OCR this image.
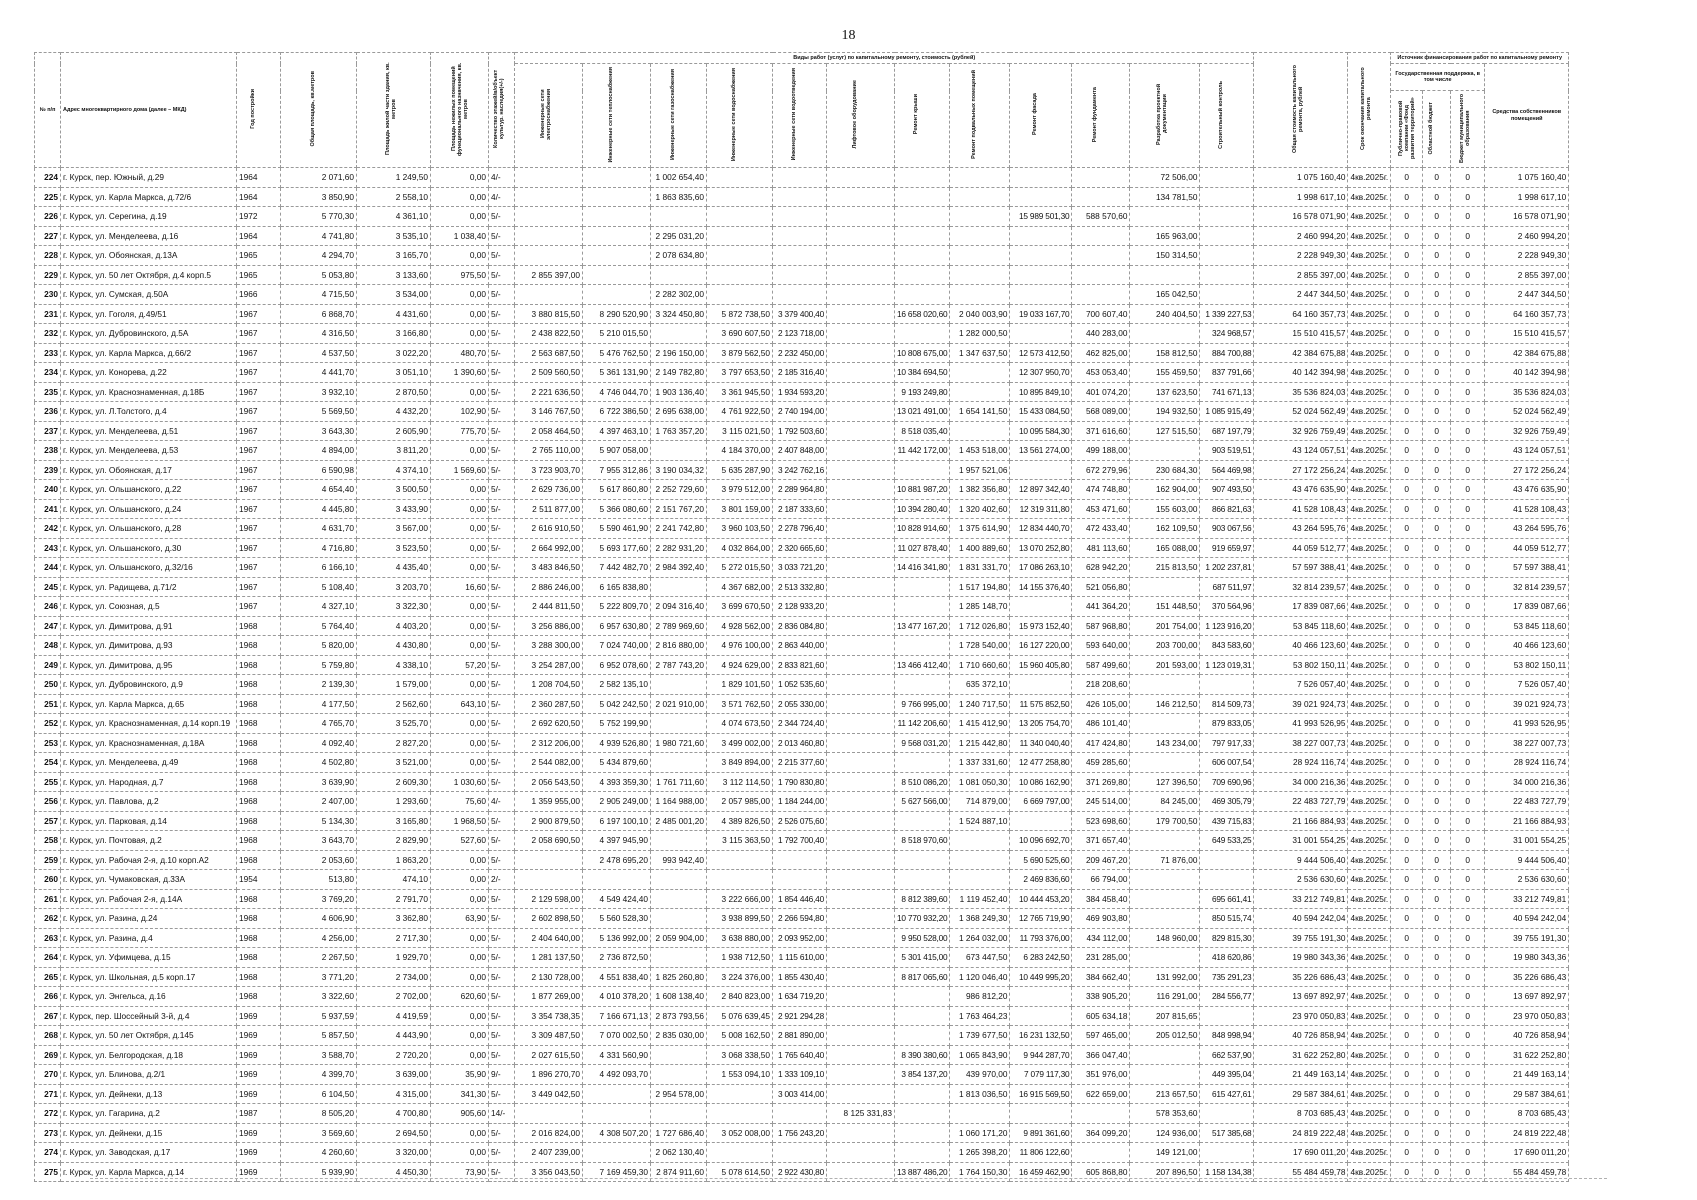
18
№ п/п	Адрес многоквартирного дома (далее – МКД)	Год постройки	Общая площадь, кв.метров	Площадь жилой части здания, кв. метров	Площадь нежилых помещений функционального назначения, кв. метров	Количество этажей/в/объект культур. наследия(+/-)	Виды работ (услуг) по капитальному ремонту, стоимость (рублей)												Общая стоимость капитального ремонта, рублей	Срок окончания капитального ремонта	Источник финансирования работ по капитальному ремонту			
							Инженерные сети электроснабжения	Инженерные сети теплоснабжения	Инженерные сети газоснабжения	Инженерные сети водоснабжения	Инженерные сети водоотведения	Лифтовое оборудование	Ремонт крыши	Ремонт подвальных помещений	Ремонт фасада	Ремонт фундамента	Разработка проектной документации	Строительный контроль			Государственная поддержка, в том числе			Средства собственников помещений
																					Публично-правовой компании «Фонд развития территорий»	Областной бюджет	Бюджет муниципального образования	
224	г. Курск, пер. Южный, д.29	1964	2 071,60	1 249,50	0,00	4/-			1 002 654,40								72 506,00		1 075 160,40	4кв.2025г.	0	0	0	1 075 160,40
225	г. Курск, ул. Карла Маркса, д.72/6	1964	3 850,90	2 558,10	0,00	4/-			1 863 835,60								134 781,50		1 998 617,10	4кв.2025г.	0	0	0	1 998 617,10
226	г. Курск, ул. Серегина, д.19	1972	5 770,30	4 361,10	0,00	5/-									15 989 501,30	588 570,60			16 578 071,90	4кв.2025г.	0	0	0	16 578 071,90
227	г. Курск, ул. Менделеева, д.16	1964	4 741,80	3 535,10	1 038,40	5/-			2 295 031,20								165 963,00		2 460 994,20	4кв.2025г.	0	0	0	2 460 994,20
228	г. Курск, ул. Обоянская, д.13А	1965	4 294,70	3 165,70	0,00	5/-			2 078 634,80								150 314,50		2 228 949,30	4кв.2025г.	0	0	0	2 228 949,30
229	г. Курск, ул. 50 лет Октября, д.4 корп.5	1965	5 053,80	3 133,60	975,50	5/-	2 855 397,00												2 855 397,00	4кв.2025г.	0	0	0	2 855 397,00
230	г. Курск, ул. Сумская, д.50А	1966	4 715,50	3 534,00	0,00	5/-			2 282 302,00								165 042,50		2 447 344,50	4кв.2025г.	0	0	0	2 447 344,50
231	г. Курск, ул. Гоголя, д.49/51	1967	6 868,70	4 431,60	0,00	5/-	3 880 815,50	8 290 520,90	3 324 450,80	5 872 738,50	3 379 400,40		16 658 020,60	2 040 003,90	19 033 167,70	700 607,40	240 404,50	1 339 227,53	64 160 357,73	4кв.2025г.	0	0	0	64 160 357,73
232	г. Курск, ул. Дубровинского, д.5А	1967	4 316,50	3 166,80	0,00	5/-	2 438 822,50	5 210 015,50		3 690 607,50	2 123 718,00			1 282 000,50		440 283,00		324 968,57	15 510 415,57	4кв.2025г.	0	0	0	15 510 415,57
233	г. Курск, ул. Карла Маркса, д.66/2	1967	4 537,50	3 022,20	480,70	5/-	2 563 687,50	5 476 762,50	2 196 150,00	3 879 562,50	2 232 450,00		10 808 675,00	1 347 637,50	12 573 412,50	462 825,00	158 812,50	884 700,88	42 384 675,88	4кв.2025г.	0	0	0	42 384 675,88
234	г. Курск, ул. Конорева, д.22	1967	4 441,70	3 051,10	1 390,60	5/-	2 509 560,50	5 361 131,90	2 149 782,80	3 797 653,50	2 185 316,40		10 384 694,50		12 307 950,70	453 053,40	155 459,50	837 791,66	40 142 394,98	4кв.2025г.	0	0	0	40 142 394,98
235	г. Курск, ул. Краснознаменная, д.18Б	1967	3 932,10	2 870,50	0,00	5/-	2 221 636,50	4 746 044,70	1 903 136,40	3 361 945,50	1 934 593,20		9 193 249,80		10 895 849,10	401 074,20	137 623,50	741 671,13	35 536 824,03	4кв.2025г.	0	0	0	35 536 824,03
236	г. Курск, ул. Л.Толстого, д.4	1967	5 569,50	4 432,20	102,90	5/-	3 146 767,50	6 722 386,50	2 695 638,00	4 761 922,50	2 740 194,00		13 021 491,00	1 654 141,50	15 433 084,50	568 089,00	194 932,50	1 085 915,49	52 024 562,49	4кв.2025г.	0	0	0	52 024 562,49
237	г. Курск, ул. Менделеева, д.51	1967	3 643,30	2 605,90	775,70	5/-	2 058 464,50	4 397 463,10	1 763 357,20	3 115 021,50	1 792 503,60		8 518 035,40		10 095 584,30	371 616,60	127 515,50	687 197,79	32 926 759,49	4кв.2025г.	0	0	0	32 926 759,49
238	г. Курск, ул. Менделеева, д.53	1967	4 894,00	3 811,20	0,00	5/-	2 765 110,00	5 907 058,00		4 184 370,00	2 407 848,00		11 442 172,00	1 453 518,00	13 561 274,00	499 188,00		903 519,51	43 124 057,51	4кв.2025г.	0	0	0	43 124 057,51
239	г. Курск, ул. Обоянская, д.17	1967	6 590,98	4 374,10	1 569,60	5/-	3 723 903,70	7 955 312,86	3 190 034,32	5 635 287,90	3 242 762,16			1 957 521,06		672 279,96	230 684,30	564 469,98	27 172 256,24	4кв.2025г.	0	0	0	27 172 256,24
240	г. Курск, ул. Ольшанского, д.22	1967	4 654,40	3 500,50	0,00	5/-	2 629 736,00	5 617 860,80	2 252 729,60	3 979 512,00	2 289 964,80		10 881 987,20	1 382 356,80	12 897 342,40	474 748,80	162 904,00	907 493,50	43 476 635,90	4кв.2025г.	0	0	0	43 476 635,90
241	г. Курск, ул. Ольшанского, д.24	1967	4 445,80	3 433,90	0,00	5/-	2 511 877,00	5 366 080,60	2 151 767,20	3 801 159,00	2 187 333,60		10 394 280,40	1 320 402,60	12 319 311,80	453 471,60	155 603,00	866 821,63	41 528 108,43	4кв.2025г.	0	0	0	41 528 108,43
242	г. Курск, ул. Ольшанского, д.28	1967	4 631,70	3 567,00	0,00	5/-	2 616 910,50	5 590 461,90	2 241 742,80	3 960 103,50	2 278 796,40		10 828 914,60	1 375 614,90	12 834 440,70	472 433,40	162 109,50	903 067,56	43 264 595,76	4кв.2025г.	0	0	0	43 264 595,76
243	г. Курск, ул. Ольшанского, д.30	1967	4 716,80	3 523,50	0,00	5/-	2 664 992,00	5 693 177,60	2 282 931,20	4 032 864,00	2 320 665,60		11 027 878,40	1 400 889,60	13 070 252,80	481 113,60	165 088,00	919 659,97	44 059 512,77	4кв.2025г.	0	0	0	44 059 512,77
244	г. Курск, ул. Ольшанского, д.32/16	1967	6 166,10	4 435,40	0,00	5/-	3 483 846,50	7 442 482,70	2 984 392,40	5 272 015,50	3 033 721,20		14 416 341,80	1 831 331,70	17 086 263,10	628 942,20	215 813,50	1 202 237,81	57 597 388,41	4кв.2025г.	0	0	0	57 597 388,41
245	г. Курск, ул. Радищева, д.71/2	1967	5 108,40	3 203,70	16,60	5/-	2 886 246,00	6 165 838,80		4 367 682,00	2 513 332,80			1 517 194,80	14 155 376,40	521 056,80		687 511,97	32 814 239,57	4кв.2025г.	0	0	0	32 814 239,57
246	г. Курск, ул. Союзная, д.5	1967	4 327,10	3 322,30	0,00	5/-	2 444 811,50	5 222 809,70	2 094 316,40	3 699 670,50	2 128 933,20			1 285 148,70		441 364,20	151 448,50	370 564,96	17 839 087,66	4кв.2025г.	0	0	0	17 839 087,66
247	г. Курск, ул. Димитрова, д.91	1968	5 764,40	4 403,20	0,00	5/-	3 256 886,00	6 957 630,80	2 789 969,60	4 928 562,00	2 836 084,80		13 477 167,20	1 712 026,80	15 973 152,40	587 968,80	201 754,00	1 123 916,20	53 845 118,60	4кв.2025г.	0	0	0	53 845 118,60
248	г. Курск, ул. Димитрова, д.93	1968	5 820,00	4 430,80	0,00	5/-	3 288 300,00	7 024 740,00	2 816 880,00	4 976 100,00	2 863 440,00			1 728 540,00	16 127 220,00	593 640,00	203 700,00	843 583,60	40 466 123,60	4кв.2025г.	0	0	0	40 466 123,60
249	г. Курск, ул. Димитрова, д.95	1968	5 759,80	4 338,10	57,20	5/-	3 254 287,00	6 952 078,60	2 787 743,20	4 924 629,00	2 833 821,60		13 466 412,40	1 710 660,60	15 960 405,80	587 499,60	201 593,00	1 123 019,31	53 802 150,11	4кв.2025г.	0	0	0	53 802 150,11
250	г. Курск, ул. Дубровинского, д.9	1968	2 139,30	1 579,00	0,00	5/-	1 208 704,50	2 582 135,10		1 829 101,50	1 052 535,60			635 372,10		218 208,60			7 526 057,40	4кв.2025г.	0	0	0	7 526 057,40
251	г. Курск, ул. Карла Маркса, д.65	1968	4 177,50	2 562,60	643,10	5/-	2 360 287,50	5 042 242,50	2 021 910,00	3 571 762,50	2 055 330,00		9 766 995,00	1 240 717,50	11 575 852,50	426 105,00	146 212,50	814 509,73	39 021 924,73	4кв.2025г.	0	0	0	39 021 924,73
252	г. Курск, ул. Краснознаменная, д.14 корп.19	1968	4 765,70	3 525,70	0,00	5/-	2 692 620,50	5 752 199,90		4 074 673,50	2 344 724,40		11 142 206,60	1 415 412,90	13 205 754,70	486 101,40		879 833,05	41 993 526,95	4кв.2025г.	0	0	0	41 993 526,95
253	г. Курск, ул. Краснознаменная, д.18А	1968	4 092,40	2 827,20	0,00	5/-	2 312 206,00	4 939 526,80	1 980 721,60	3 499 002,00	2 013 460,80		9 568 031,20	1 215 442,80	11 340 040,40	417 424,80	143 234,00	797 917,33	38 227 007,73	4кв.2025г.	0	0	0	38 227 007,73
254	г. Курск, ул. Менделеева, д.49	1968	4 502,80	3 521,00	0,00	5/-	2 544 082,00	5 434 879,60		3 849 894,00	2 215 377,60			1 337 331,60	12 477 258,80	459 285,60		606 007,54	28 924 116,74	4кв.2025г.	0	0	0	28 924 116,74
255	г. Курск, ул. Народная, д.7	1968	3 639,90	2 609,30	1 030,60	5/-	2 056 543,50	4 393 359,30	1 761 711,60	3 112 114,50	1 790 830,80		8 510 086,20	1 081 050,30	10 086 162,90	371 269,80	127 396,50	709 690,96	34 000 216,36	4кв.2025г.	0	0	0	34 000 216,36
256	г. Курск, ул. Павлова, д.2	1968	2 407,00	1 293,60	75,60	4/-	1 359 955,00	2 905 249,00	1 164 988,00	2 057 985,00	1 184 244,00		5 627 566,00	714 879,00	6 669 797,00	245 514,00	84 245,00	469 305,79	22 483 727,79	4кв.2025г.	0	0	0	22 483 727,79
257	г. Курск, ул. Парковая, д.14	1968	5 134,30	3 165,80	1 968,50	5/-	2 900 879,50	6 197 100,10	2 485 001,20	4 389 826,50	2 526 075,60			1 524 887,10		523 698,60	179 700,50	439 715,83	21 166 884,93	4кв.2025г.	0	0	0	21 166 884,93
258	г. Курск, ул. Почтовая, д.2	1968	3 643,70	2 829,90	527,60	5/-	2 058 690,50	4 397 945,90		3 115 363,50	1 792 700,40		8 518 970,60		10 096 692,70	371 657,40		649 533,25	31 001 554,25	4кв.2025г.	0	0	0	31 001 554,25
259	г. Курск, ул. Рабочая 2-я, д.10 корп.А2	1968	2 053,60	1 863,20	0,00	5/-		2 478 695,20	993 942,40						5 690 525,60	209 467,20	71 876,00		9 444 506,40	4кв.2025г.	0	0	0	9 444 506,40
260	г. Курск, ул. Чумаковская, д.33А	1954	513,80	474,10	0,00	2/-									2 469 836,60	66 794,00			2 536 630,60	4кв.2025г.	0	0	0	2 536 630,60
261	г. Курск, ул. Рабочая 2-я, д.14А	1968	3 769,20	2 791,70	0,00	5/-	2 129 598,00	4 549 424,40		3 222 666,00	1 854 446,40		8 812 389,60	1 119 452,40	10 444 453,20	384 458,40		695 661,41	33 212 749,81	4кв.2025г.	0	0	0	33 212 749,81
262	г. Курск, ул. Разина, д.24	1968	4 606,90	3 362,80	63,90	5/-	2 602 898,50	5 560 528,30		3 938 899,50	2 266 594,80		10 770 932,20	1 368 249,30	12 765 719,90	469 903,80		850 515,74	40 594 242,04	4кв.2025г.	0	0	0	40 594 242,04
263	г. Курск, ул. Разина, д.4	1968	4 256,00	2 717,30	0,00	5/-	2 404 640,00	5 136 992,00	2 059 904,00	3 638 880,00	2 093 952,00		9 950 528,00	1 264 032,00	11 793 376,00	434 112,00	148 960,00	829 815,30	39 755 191,30	4кв.2025г.	0	0	0	39 755 191,30
264	г. Курск, ул. Уфимцева, д.15	1968	2 267,50	1 929,70	0,00	5/-	1 281 137,50	2 736 872,50		1 938 712,50	1 115 610,00		5 301 415,00	673 447,50	6 283 242,50	231 285,00		418 620,86	19 980 343,36	4кв.2025г.	0	0	0	19 980 343,36
265	г. Курск, ул. Школьная, д.5 корп.17	1968	3 771,20	2 734,00	0,00	5/-	2 130 728,00	4 551 838,40	1 825 260,80	3 224 376,00	1 855 430,40		8 817 065,60	1 120 046,40	10 449 995,20	384 662,40	131 992,00	735 291,23	35 226 686,43	4кв.2025г.	0	0	0	35 226 686,43
266	г. Курск, ул. Энгельса, д.16	1968	3 322,60	2 702,00	620,60	5/-	1 877 269,00	4 010 378,20	1 608 138,40	2 840 823,00	1 634 719,20			986 812,20		338 905,20	116 291,00	284 556,77	13 697 892,97	4кв.2025г.	0	0	0	13 697 892,97
267	г. Курск, пер. Шоссейный 3-й, д.4	1969	5 937,59	4 419,59	0,00	5/-	3 354 738,35	7 166 671,13	2 873 793,56	5 076 639,45	2 921 294,28			1 763 464,23		605 634,18	207 815,65		23 970 050,83	4кв.2025г.	0	0	0	23 970 050,83
268	г. Курск, ул. 50 лет Октября, д.145	1969	5 857,50	4 443,90	0,00	5/-	3 309 487,50	7 070 002,50	2 835 030,00	5 008 162,50	2 881 890,00			1 739 677,50	16 231 132,50	597 465,00	205 012,50	848 998,94	40 726 858,94	4кв.2025г.	0	0	0	40 726 858,94
269	г. Курск, ул. Белгородская, д.18	1969	3 588,70	2 720,20	0,00	5/-	2 027 615,50	4 331 560,90		3 068 338,50	1 765 640,40		8 390 380,60	1 065 843,90	9 944 287,70	366 047,40		662 537,90	31 622 252,80	4кв.2025г.	0	0	0	31 622 252,80
270	г. Курск, ул. Блинова, д.2/1	1969	4 399,70	3 639,00	35,90	9/-	1 896 270,70	4 492 093,70		1 553 094,10	1 333 109,10		3 854 137,20	439 970,00	7 079 117,30	351 976,00		449 395,04	21 449 163,14	4кв.2025г.	0	0	0	21 449 163,14
271	г. Курск, ул. Дейнеки, д.13	1969	6 104,50	4 315,00	341,30	5/-	3 449 042,50		2 954 578,00		3 003 414,00			1 813 036,50	16 915 569,50	622 659,00	213 657,50	615 427,61	29 587 384,61	4кв.2025г.	0	0	0	29 587 384,61
272	г. Курск, ул. Гагарина, д.2	1987	8 505,20	4 700,80	905,60	14/-						8 125 331,83					578 353,60		8 703 685,43	4кв.2025г.	0	0	0	8 703 685,43
273	г. Курск, ул. Дейнеки, д.15	1969	3 569,60	2 694,50	0,00	5/-	2 016 824,00	4 308 507,20	1 727 686,40	3 052 008,00	1 756 243,20			1 060 171,20	9 891 361,60	364 099,20	124 936,00	517 385,68	24 819 222,48	4кв.2025г.	0	0	0	24 819 222,48
274	г. Курск, ул. Заводская, д.17	1969	4 260,60	3 320,00	0,00	5/-	2 407 239,00		2 062 130,40					1 265 398,20	11 806 122,60		149 121,00		17 690 011,20	4кв.2025г.	0	0	0	17 690 011,20
275	г. Курск, ул. Карла Маркса, д.14	1969	5 939,90	4 450,30	73,90	5/-	3 356 043,50	7 169 459,30	2 874 911,60	5 078 614,50	2 922 430,80		13 887 486,20	1 764 150,30	16 459 462,90	605 868,80	207 896,50	1 158 134,38	55 484 459,78	4кв.2025г.	0	0	0	55 484 459,78
